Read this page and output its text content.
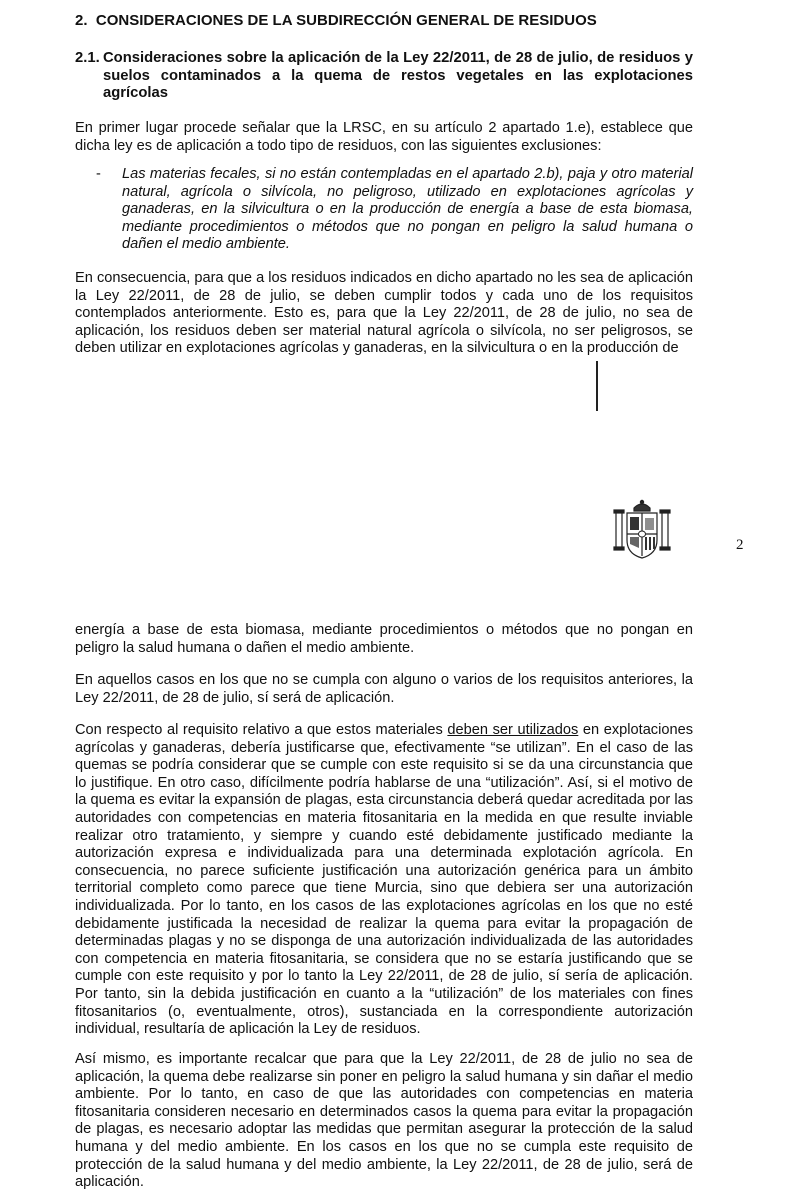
2. CONSIDERACIONES DE LA SUBDIRECCIÓN GENERAL DE RESIDUOS
2.1. Consideraciones sobre la aplicación de la Ley 22/2011, de 28 de julio, de residuos y suelos contaminados a la quema de restos vegetales en las explotaciones agrícolas

En primer lugar procede señalar que la LRSC, en su artículo 2 apartado 1.e), establece que dicha ley es de aplicación a todo tipo de residuos, con las siguientes exclusiones:

- Las materias fecales, si no están contempladas en el apartado 2.b), paja y otro material natural, agrícola o silvícola, no peligroso, utilizado en explotaciones agrícolas y ganaderas, en la silvicultura o en la producción de energía a base de esta biomasa, mediante procedimientos o métodos que no pongan en peligro la salud humana o dañen el medio ambiente.

En consecuencia, para que a los residuos indicados en dicho apartado no les sea de aplicación la Ley 22/2011, de 28 de julio, se deben cumplir todos y cada uno de los requisitos contemplados anteriormente. Esto es, para que la Ley 22/2011, de 28 de julio, no sea de aplicación, los residuos deben ser material natural agrícola o silvícola, no ser peligrosos, se deben utilizar en explotaciones agrícolas y ganaderas, en la silvicultura o en la producción de

2

energía a base de esta biomasa, mediante procedimientos o métodos que no pongan en peligro la salud humana o dañen el medio ambiente.

En aquellos casos en los que no se cumpla con alguno o varios de los requisitos anteriores, la Ley 22/2011, de 28 de julio, sí será de aplicación.

Con respecto al requisito relativo a que estos materiales deben ser utilizados en explotaciones agrícolas y ganaderas, debería justificarse que, efectivamente “se utilizan”. En el caso de las quemas se podría considerar que se cumple con este requisito si se da una circunstancia que lo justifique. En otro caso, difícilmente podría hablarse de una “utilización”. Así, si el motivo de la quema es evitar la expansión de plagas, esta circunstancia deberá quedar acreditada por las autoridades con competencias en materia fitosanitaria en la medida en que resulte inviable realizar otro tratamiento, y siempre y cuando esté debidamente justificado mediante la autorización expresa e individualizada para una determinada explotación agrícola. En consecuencia, no parece suficiente justificación una autorización genérica para un ámbito territorial completo como parece que tiene Murcia, sino que debiera ser una autorización individualizada. Por lo tanto, en los casos de las explotaciones agrícolas en los que no esté debidamente justificada la necesidad de realizar la quema para evitar la propagación de determinadas plagas y no se disponga de una autorización individualizada de las autoridades con competencia en materia fitosanitaria, se considera que no se estaría justificando que se cumple con este requisito y por lo tanto la Ley 22/2011, de 28 de julio, sí sería de aplicación. Por tanto, sin la debida justificación en cuanto a la “utilización” de los materiales con fines fitosanitarios (o, eventualmente, otros), sustanciada en la correspondiente autorización individual, resultaría de aplicación la Ley de residuos.

Así mismo, es importante recalcar que para que la Ley 22/2011, de 28 de julio no sea de aplicación, la quema debe realizarse sin poner en peligro la salud humana y sin dañar el medio ambiente. Por lo tanto, en caso de que las autoridades con competencias en materia fitosanitaria consideren necesario en determinados casos la quema para evitar la propagación de plagas, es necesario adoptar las medidas que permitan asegurar la protección de la salud humana y del medio ambiente. En los casos en los que no se cumpla este requisito de protección de la salud humana y del medio ambiente, la Ley 22/2011, de 28 de julio, será de aplicación.
